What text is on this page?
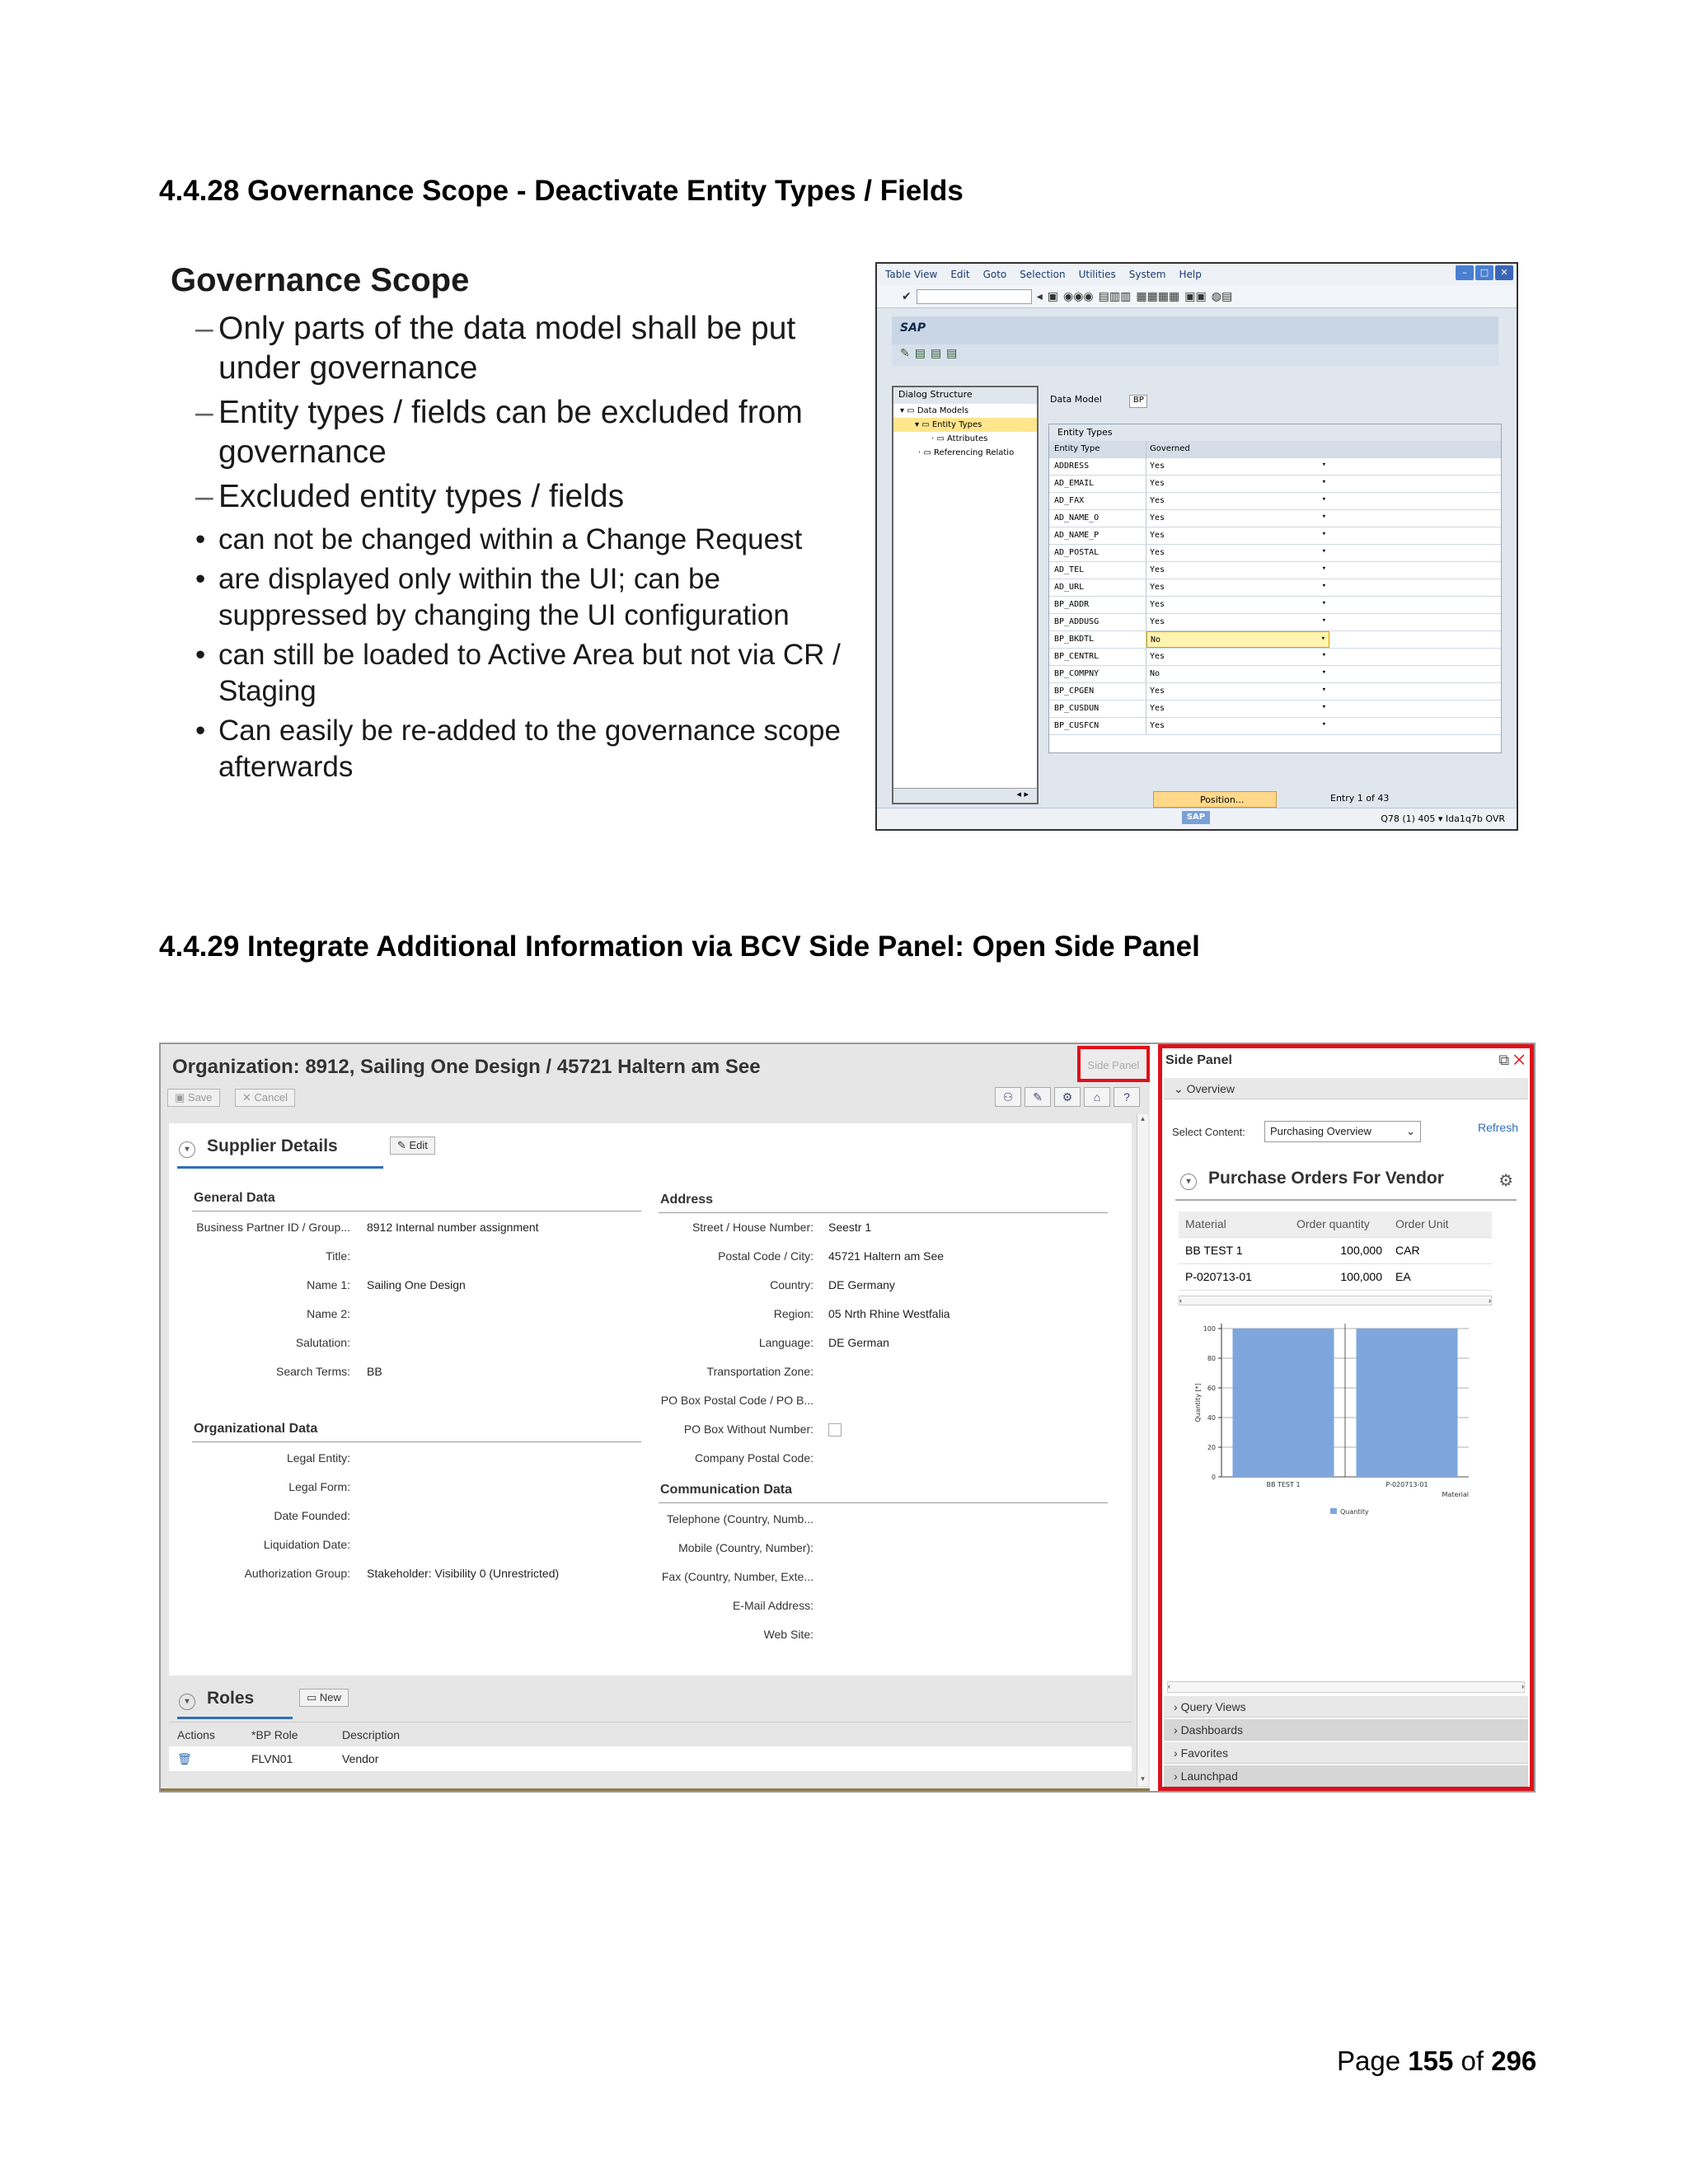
4.4.28 Governance Scope - Deactivate Entity Types / Fields
Governance Scope
– Only parts of the data model shall be put under governance
– Entity types / fields can be excluded from governance
– Excluded entity types / fields
• can not be changed within a Change Request
• are displayed only within the UI; can be suppressed by changing the UI configuration
• can still be loaded to Active Area but not via CR / Staging
• Can easily be re-added to the governance scope afterwards
Table View Edit Goto Selection Utilities System Help	–	□	✕
✔	◂ ▣ ◉◉◉ ▤▥▥ ▦▦▦▦ ▣▣ ◍▤
SAP
✎▤▤▤
Dialog Structure
▾ ▭ Data Models
▾ ▭ Entity Types
· ▭ Attributes
· ▭ Referencing Relatio
◂ ▸
Data Model	BP
Entity Types
Entity Type	Governed
ADDRESS	Yes	▾
AD_EMAIL	Yes	▾
AD_FAX	Yes	▾
AD_NAME_O	Yes	▾
AD_NAME_P	Yes	▾
AD_POSTAL	Yes	▾
AD_TEL	Yes	▾
AD_URL	Yes	▾
BP_ADDR	Yes	▾
BP_ADDUSG	Yes	▾
BP_BKDTL	No	▾
BP_CENTRL	Yes	▾
BP_COMPNY	No	▾
BP_CPGEN	Yes	▾
BP_CUSDUN	Yes	▾
BP_CUSFCN	Yes	▾
Position...	Entry 1 of 43
SAP	Q78 (1) 405 ▾ Ida1q7b OVR
4.4.29 Integrate Additional Information via BCV Side Panel: Open Side Panel
Organization: 8912, Sailing One Design / 45721 Haltern am See	Side Panel
▣ Save	✕ Cancel	⚇	✎	⚙	⌂	?
▾ Supplier Details	✎ Edit
General Data
Business Partner ID / Group... 8912 Internal number assignment
Title:
Name 1: Sailing One Design
Name 2:
Salutation:
Search Terms: BB
Organizational Data
Legal Entity:
Legal Form:
Date Founded:
Liquidation Date:
Authorization Group: Stakeholder: Visibility 0 (Unrestricted)
Address
Street / House Number: Seestr 1
Postal Code / City: 45721 Haltern am See
Country: DE Germany
Region: 05 Nrth Rhine Westfalia
Language: DE German
Transportation Zone:
PO Box Postal Code / PO B...
PO Box Without Number:
Company Postal Code:
Communication Data
Telephone (Country, Numb...
Mobile (Country, Number):
Fax (Country, Number, Exte...
E-Mail Address:
Web Site:
▾ Roles	▭ New
Actions	*BP Role	Description
🗑	FLVN01	Vendor
▴
▾
Side Panel	⧉ ✕
⌄ Overview
Select Content:	Purchasing Overview	⌄	Refresh
▾ Purchase Orders For Vendor	⚙
Material	Order quantity	Order Unit
BB TEST 1	100,000	CAR
P-020713-01	100,000	EA
‹	›
0
20
40
60
80
100
BB TEST 1	P-020713-01
Material
Quantity [*]
Quantity
‹	›
› Query Views
› Dashboards
› Favorites
› Launchpad
Page 155 of 296
